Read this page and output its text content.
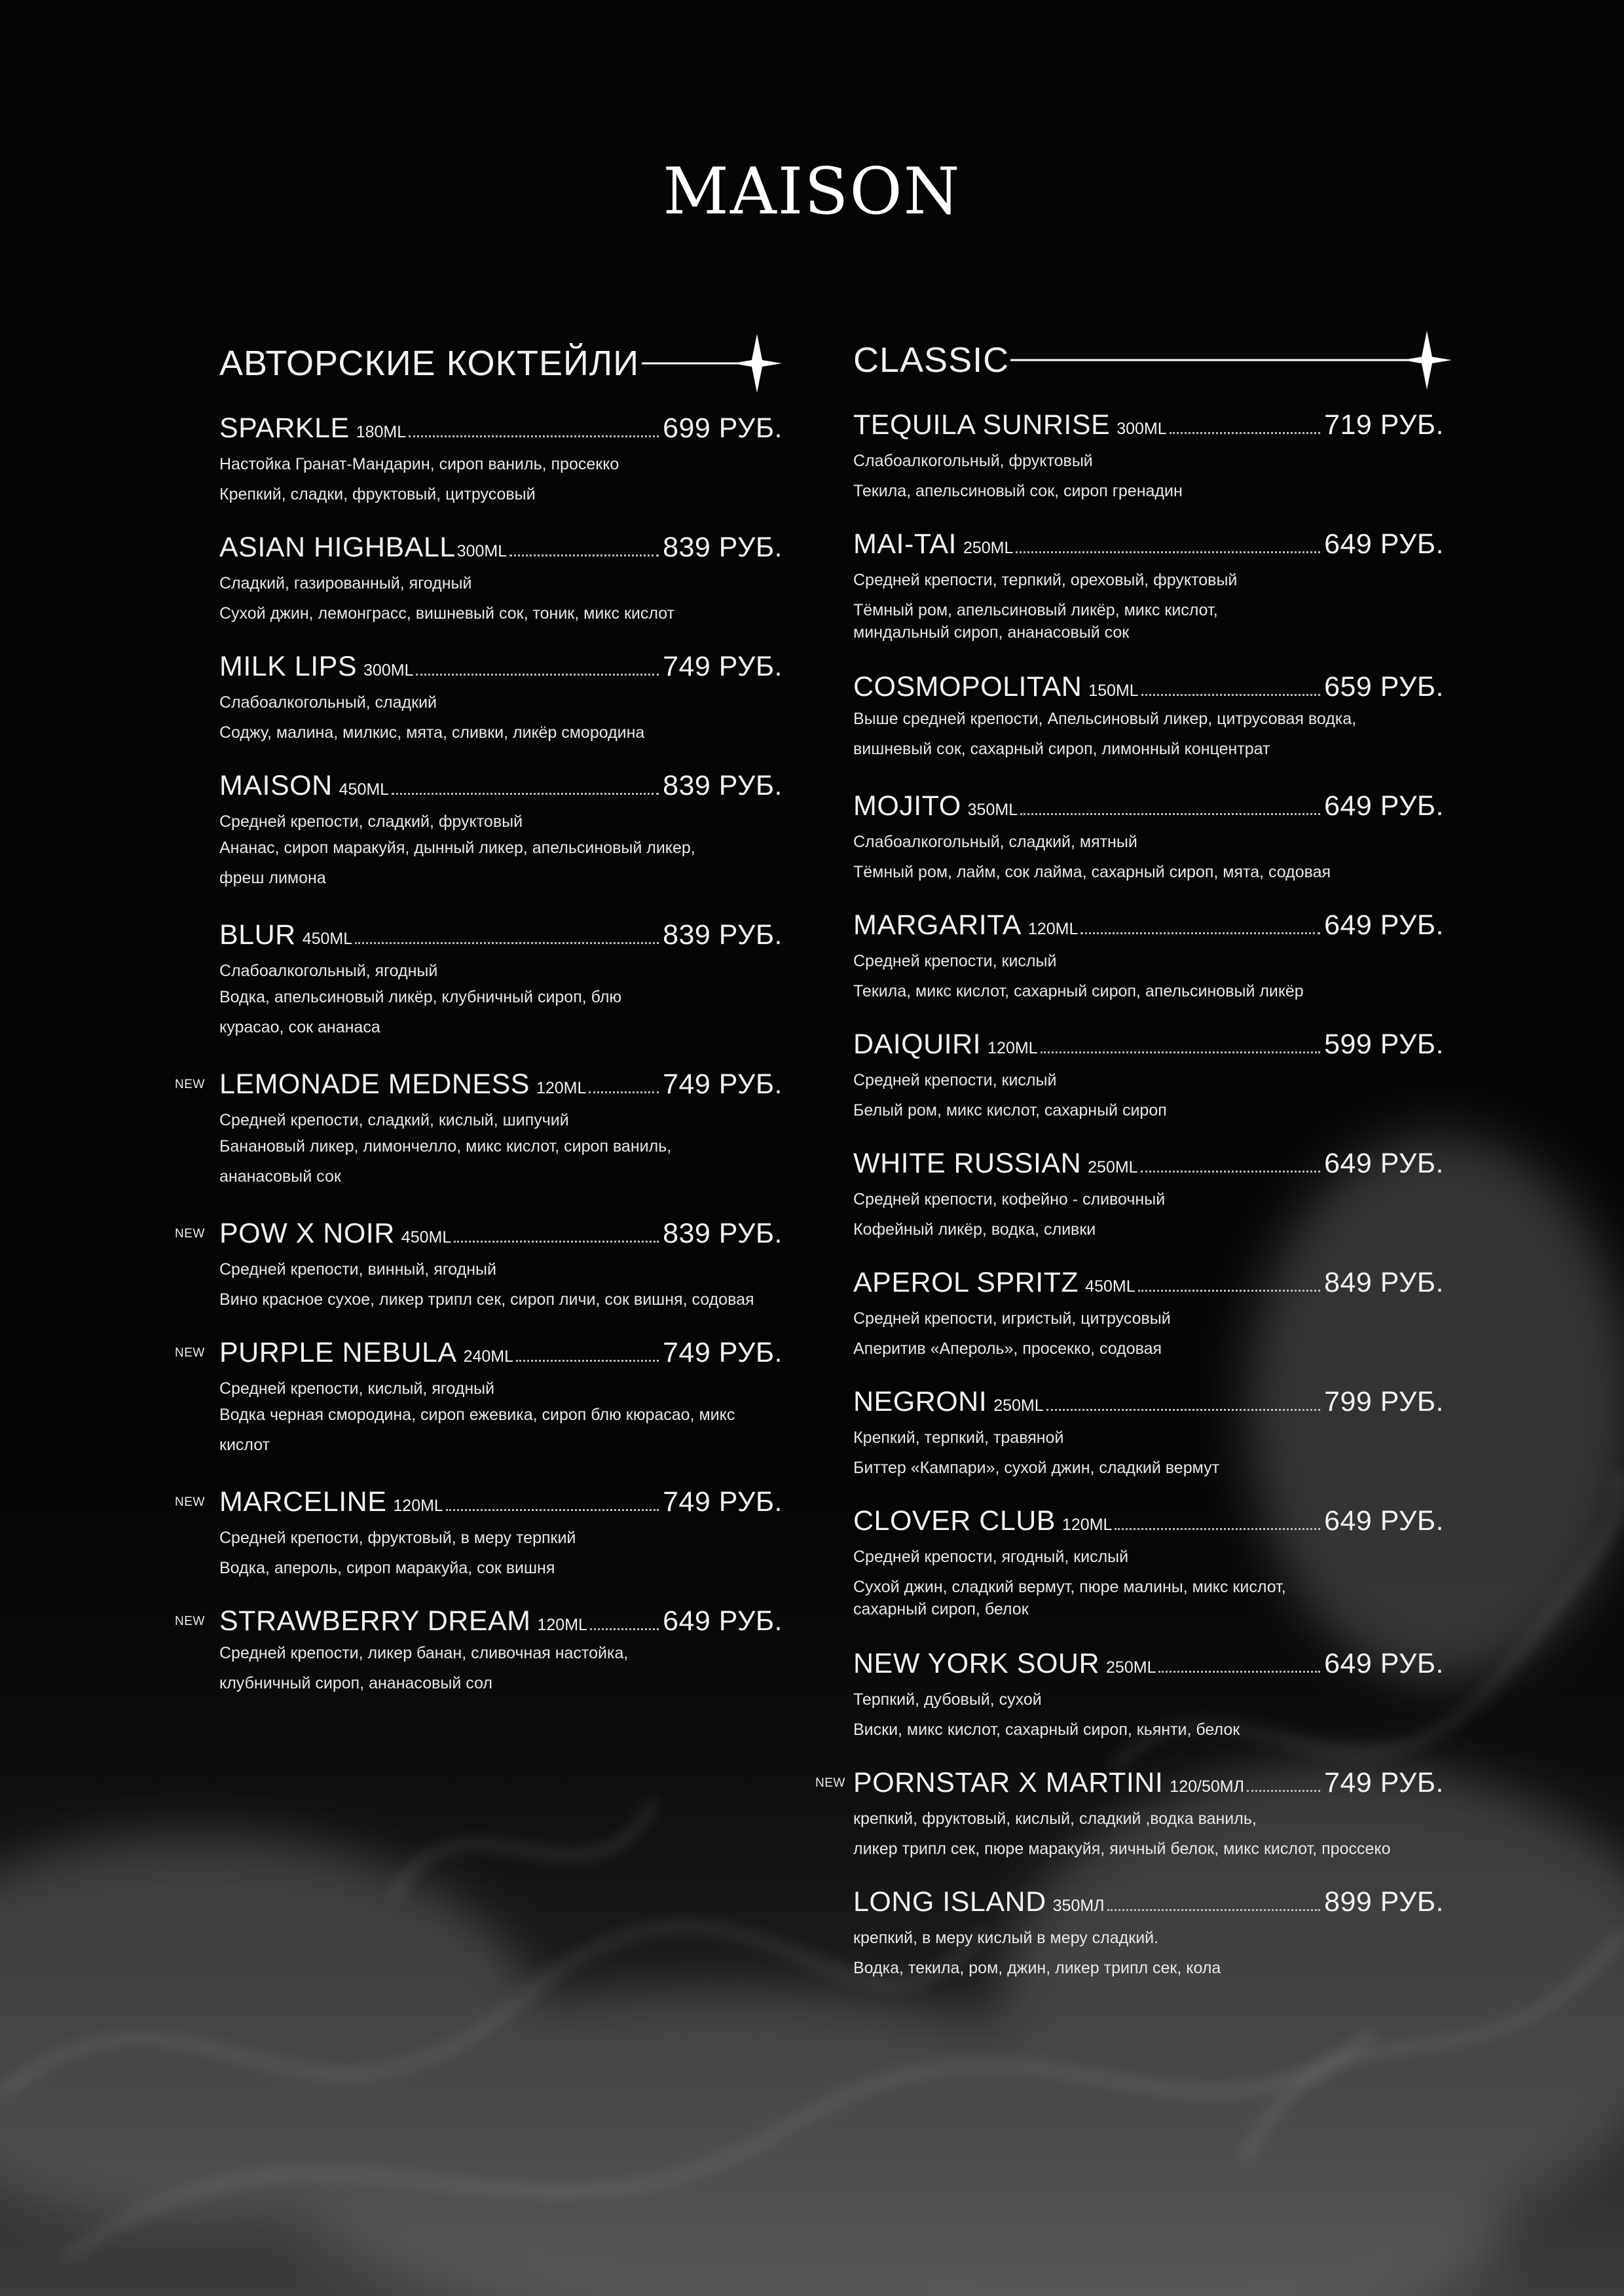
MAISON
АВТОРСКИЕ КОКТЕЙЛИ
SPARKLE 180ML	699 РУБ.
Настойка Гранат-Мандарин, сироп ваниль, просекко
Крепкий, сладки, фруктовый, цитрусовый
ASIAN HIGHBALL 300ML	839 РУБ.
Сладкий, газированный, ягодный
Сухой джин, лемонграсс, вишневый сок, тоник, микс кислот
MILK LIPS 300ML	749 РУБ.
Слабоалкогольный, сладкий
Соджу, малина, милкис, мята, сливки, ликёр смородина
MAISON 450ML	839 РУБ.
Средней крепости, сладкий, фруктовый
Ананас, сироп маракуйя, дынный ликер, апельсиновый ликер, фреш лимона
BLUR 450ML	839 РУБ.
Слабоалкогольный, ягодный
Водка, апельсиновый ликёр, клубничный сироп, блю курасао, сок ананаса
NEW LEMONADE MEDNESS 120ML	749 РУБ.
Средней крепости, сладкий, кислый, шипучий
Банановый ликер, лимончелло, микс кислот, сироп ваниль, ананасовый сок
NEW POW X NOIR 450ML	839 РУБ.
Средней крепости, винный, ягодный
Вино красное сухое, ликер трипл сек, сироп личи, сок вишня, содовая
NEW PURPLE NEBULA 240ML	749 РУБ.
Средней крепости, кислый, ягодный
Водка черная смородина, сироп ежевика, сироп блю кюрасао, микс кислот
NEW MARCELINE 120ML	749 РУБ.
Средней крепости, фруктовый, в меру терпкий
Водка, апероль, сироп маракуйа, сок вишня
NEW STRAWBERRY DREAM 120ML	649 РУБ.
Средней крепости, ликер банан, сливочная настойка, клубничный сироп, ананасовый сол
CLASSIC
TEQUILA SUNRISE 300ML	719 РУБ.
Слабоалкогольный, фруктовый
Текила, апельсиновый сок, сироп гренадин
MAI-TAI 250ML	649 РУБ.
Средней крепости, терпкий, ореховый, фруктовый
Тёмный ром, апельсиновый ликёр, микс кислот, миндальный сироп, ананасовый сок
COSMOPOLITAN 150ML	659 РУБ.
Выше средней крепости, Апельсиновый ликер, цитрусовая водка, вишневый сок, сахарный сироп, лимонный концентрат
MOJITO 350ML	649 РУБ.
Слабоалкогольный, сладкий, мятный
Тёмный ром, лайм, сок лайма, сахарный сироп, мята, содовая
MARGARITA 120ML	649 РУБ.
Средней крепости, кислый
Текила, микс кислот, сахарный сироп, апельсиновый ликёр
DAIQUIRI 120ML	599 РУБ.
Средней крепости, кислый
Белый ром, микс кислот, сахарный сироп
WHITE RUSSIAN 250ML	649 РУБ.
Средней крепости, кофейно - сливочный
Кофейный ликёр, водка, сливки
APEROL SPRITZ 450ML	849 РУБ.
Средней крепости, игристый, цитрусовый
Аперитив «Апероль», просекко, содовая
NEGRONI 250ML	799 РУБ.
Крепкий, терпкий, травяной
Биттер «Кампари», сухой джин, сладкий вермут
CLOVER CLUB 120ML	649 РУБ.
Средней крепости, ягодный, кислый
Сухой джин, сладкий вермут, пюре малины, микс кислот, сахарный сироп, белок
NEW YORK SOUR 250ML	649 РУБ.
Терпкий, дубовый, сухой
Виски, микс кислот, сахарный сироп, кьянти, белок
NEW PORNSTAR X MARTINI 120/50МЛ	749 РУБ.
крепкий, фруктовый, кислый, сладкий ,водка ваниль,
ликер трипл сек, пюре маракуйя, яичный белок, микс кислот, проссеко
LONG ISLAND 350МЛ	899 РУБ.
крепкий, в меру кислый в меру сладкий.
Водка, текила, ром, джин, ликер трипл сек, кола
